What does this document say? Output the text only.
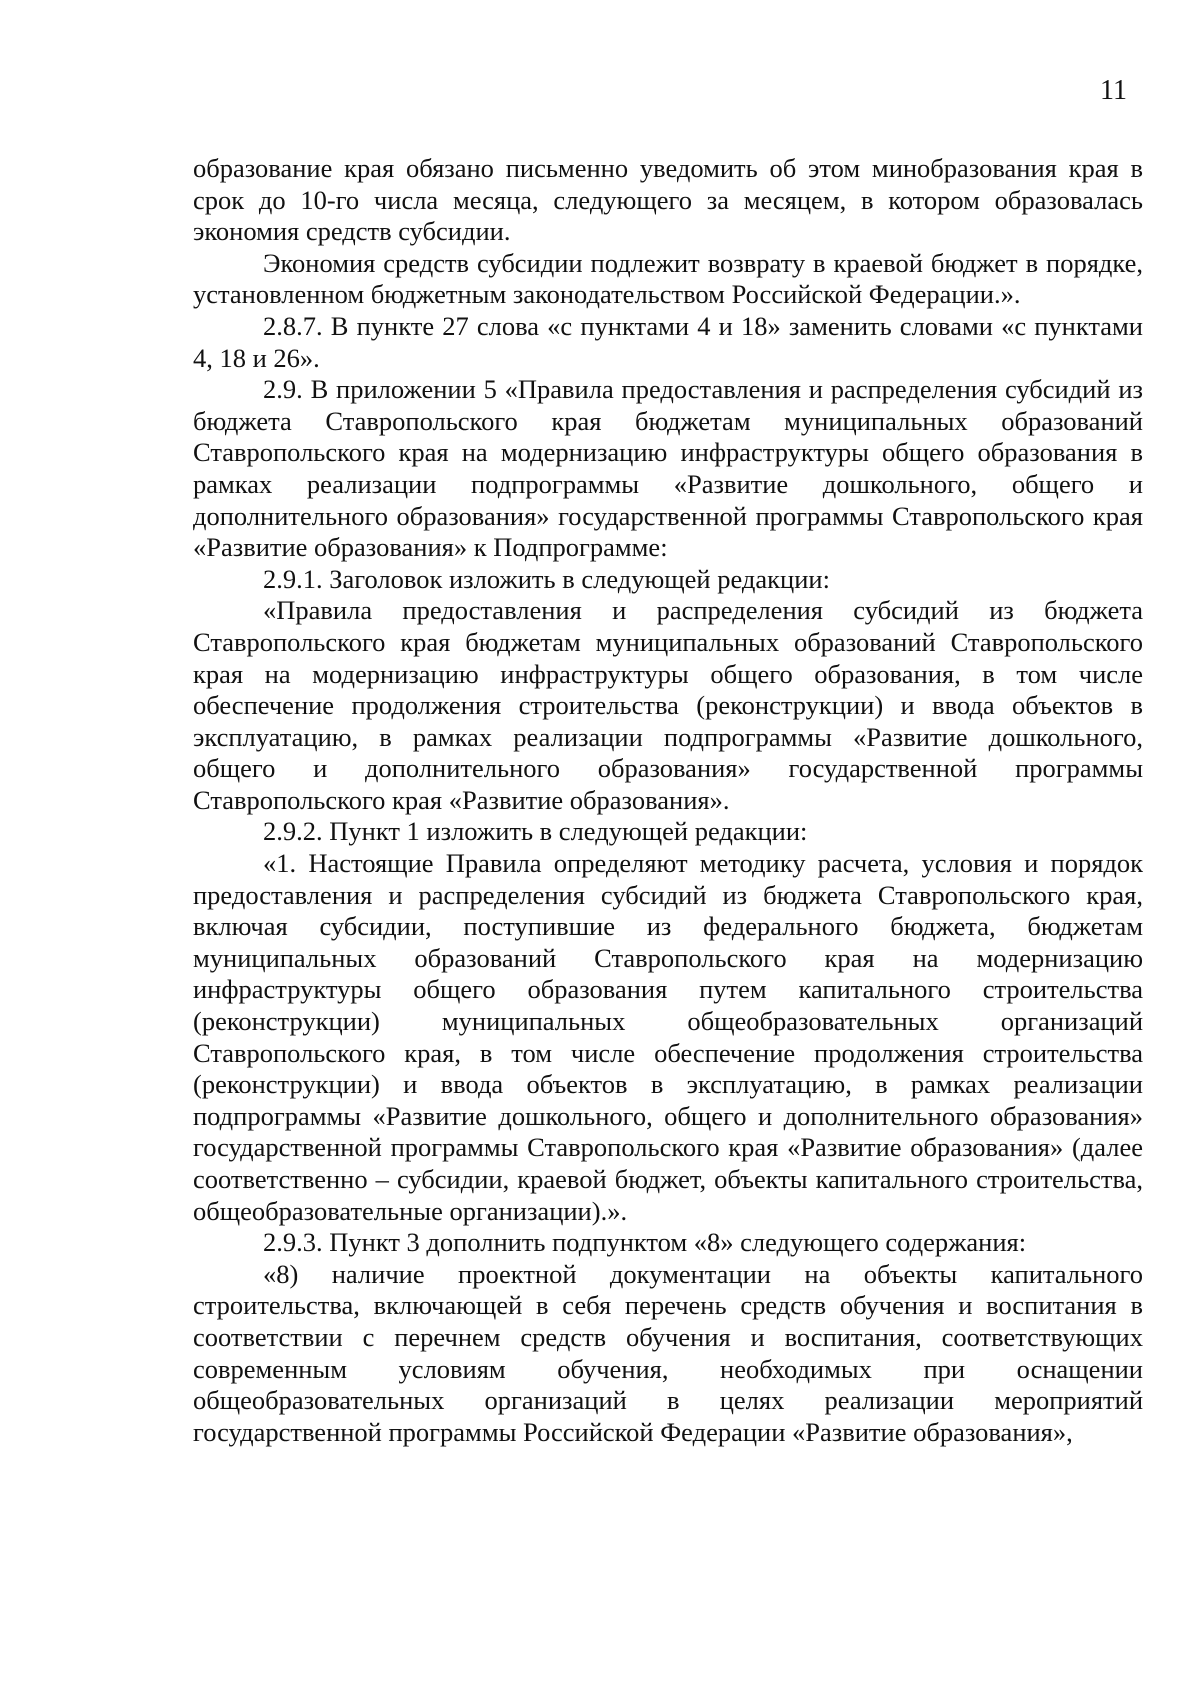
11

образование края обязано письменно уведомить об этом минобразования края в срок до 10-го числа месяца, следующего за месяцем, в котором образовалась экономия средств субсидии.

Экономия средств субсидии подлежит возврату в краевой бюджет в порядке, установленном бюджетным законодательством Российской Федерации.».

2.8.7. В пункте 27 слова «с пунктами 4 и 18» заменить словами «с пунктами 4, 18 и 26».

2.9. В приложении 5 «Правила предоставления и распределения субсидий из бюджета Ставропольского края бюджетам муниципальных образований Ставропольского края на модернизацию инфраструктуры общего образования в рамках реализации подпрограммы «Развитие дошкольного, общего и дополнительного образования» государственной программы Ставропольского края «Развитие образования» к Подпрограмме:

2.9.1. Заголовок изложить в следующей редакции:

«Правила предоставления и распределения субсидий из бюджета Ставропольского края бюджетам муниципальных образований Ставропольского края на модернизацию инфраструктуры общего образования, в том числе обеспечение продолжения строительства (реконструкции) и ввода объектов в эксплуатацию, в рамках реализации подпрограммы «Развитие дошкольного, общего и дополнительного образования» государственной программы Ставропольского края «Развитие образования».

2.9.2. Пункт 1 изложить в следующей редакции:

«1. Настоящие Правила определяют методику расчета, условия и порядок предоставления и распределения субсидий из бюджета Ставропольского края, включая субсидии, поступившие из федерального бюджета, бюджетам муниципальных образований Ставропольского края на модернизацию инфраструктуры общего образования путем капитального строительства (реконструкции) муниципальных общеобразовательных организаций Ставропольского края, в том числе обеспечение продолжения строительства (реконструкции) и ввода объектов в эксплуатацию, в рамках реализации подпрограммы «Развитие дошкольного, общего и дополнительного образования» государственной программы Ставропольского края «Развитие образования» (далее соответственно – субсидии, краевой бюджет, объекты капитального строительства, общеобразовательные организации).».

2.9.3. Пункт 3 дополнить подпунктом «8» следующего содержания:

«8) наличие проектной документации на объекты капитального строительства, включающей в себя перечень средств обучения и воспитания в соответствии с перечнем средств обучения и воспитания, соответствующих современным условиям обучения, необходимых при оснащении общеобразовательных организаций в целях реализации мероприятий государственной программы Российской Федерации «Развитие образования»,
